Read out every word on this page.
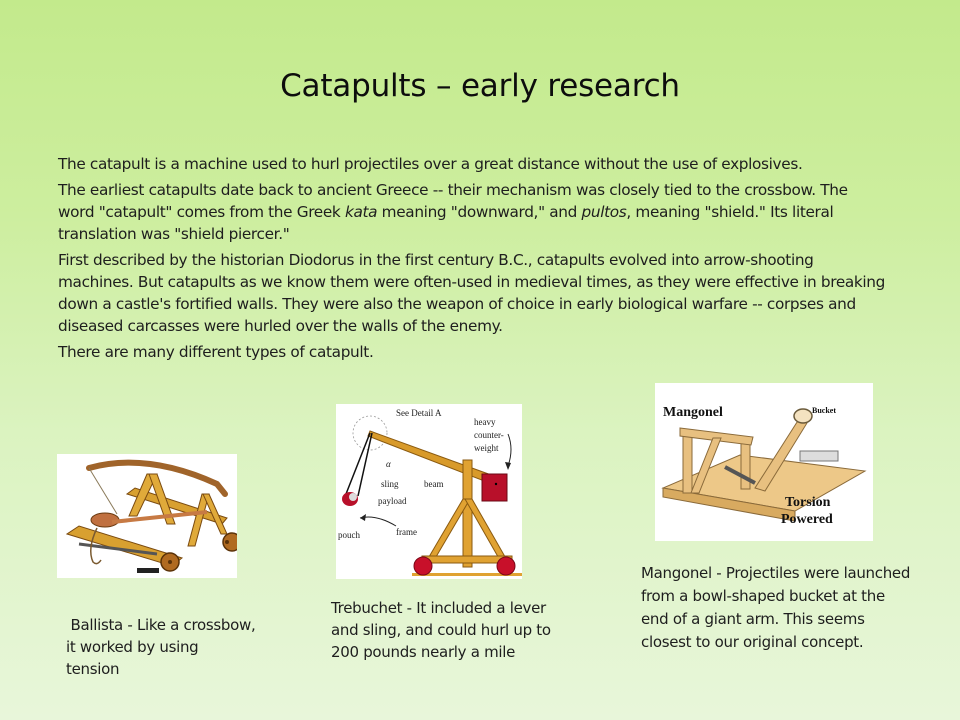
Catapults – early research

The catapult is a machine used to hurl projectiles over a great distance without the use of explosives.

The earliest catapults date back to ancient Greece -- their mechanism was closely tied to the crossbow. The word "catapult" comes from the Greek kata meaning "downward," and pultos, meaning "shield." Its literal translation was "shield piercer."

First described by the historian Diodorus in the first century B.C., catapults evolved into arrow-shooting machines. But catapults as we know them were often-used in medieval times, as they were effective in breaking down a castle's fortified walls. They were also the weapon of choice in early biological warfare -- corpses and diseased carcasses were hurled over the walls of the enemy.

There are many different types of catapult.

See Detail A
heavy
counter-
weight
α
sling	beam
payload
frame
pouch
Mangonel	Bucket
Torsion
Powered
Ballista - Like a crossbow, it worked by using tension
Trebuchet - It included a lever and sling, and could hurl up to 200 pounds nearly a mile
Mangonel - Projectiles were launched from a bowl-shaped bucket at the end of a giant arm. This seems closest to our original concept.
